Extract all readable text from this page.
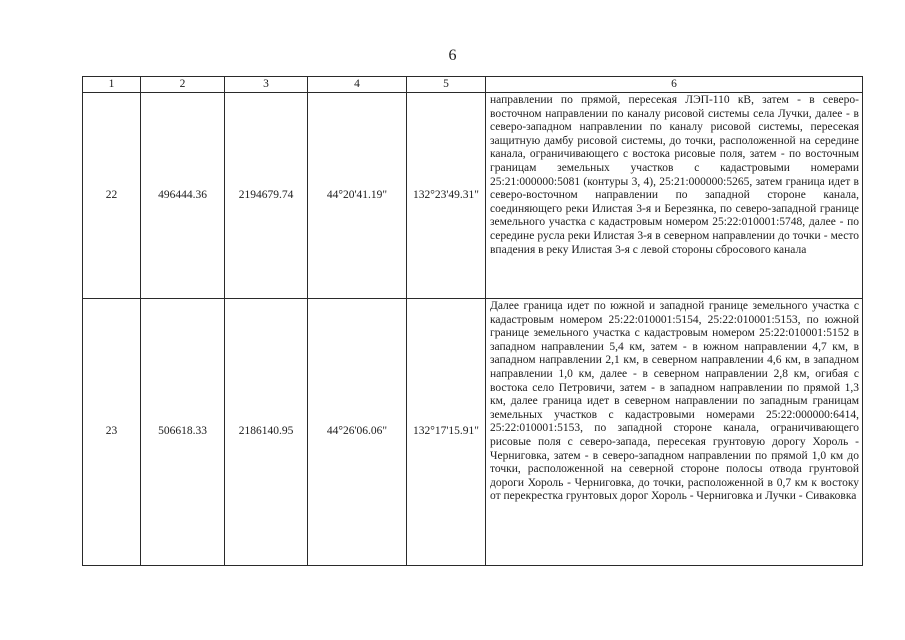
6
1	2	3	4	5	6
22	496444.36	2194679.74	44°20'41.19"	132°23'49.31"	направлении по прямой, пересекая ЛЭП-110 кВ, затем - в северо-восточном направлении по каналу рисовой системы села Лучки, далее - в северо-западном направлении по каналу рисовой системы, пересекая защитную дамбу рисовой системы, до точки, расположенной на середине канала, ограничивающего с востока рисовые поля, затем - по восточным границам земельных участков с кадастровыми номерами 25:21:000000:5081 (контуры 3, 4), 25:21:000000:5265, затем граница идет в северо-восточном направлении по западной стороне канала, соединяющего реки Илистая 3-я и Березянка, по северо-западной границе земельного участка с кадастровым номером 25:22:010001:5748, далее - по середине русла реки Илистая 3-я в северном направлении до точки - место впадения в реку Илистая 3-я с левой стороны сбросового канала

23	506618.33	2186140.95	44°26'06.06"	132°17'15.91"	Далее граница идет по южной и западной границе земельного участка с кадастровым номером 25:22:010001:5154, 25:22:010001:5153, по южной границе земельного участка с кадастровым номером 25:22:010001:5152 в западном направлении 5,4 км, затем - в южном направлении 4,7 км, в западном направлении 2,1 км, в северном направлении 4,6 км, в западном направлении 1,0 км, далее - в северном направлении 2,8 км, огибая с востока село Петровичи, затем - в западном направлении по прямой 1,3 км, далее граница идет в северном направлении по западным границам земельных участков с кадастровыми номерами 25:22:000000:6414, 25:22:010001:5153, по западной стороне канала, ограничивающего рисовые поля с северо-запада, пересекая грунтовую дорогу Хороль - Черниговка, затем - в северо-западном направлении по прямой 1,0 км до точки, расположенной на северной стороне полосы отвода грунтовой дороги Хороль - Черниговка, до точки, расположенной в 0,7 км к востоку от перекрестка грунтовых дорог Хороль - Черниговка и Лучки - Сиваковка
